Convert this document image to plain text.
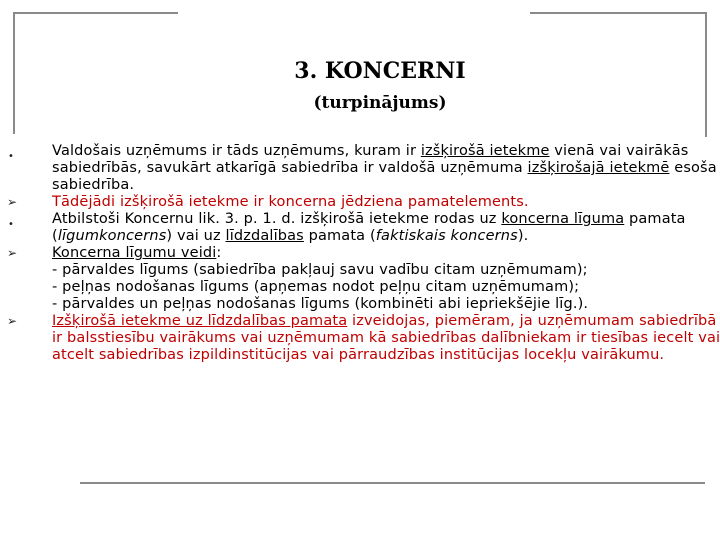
3. KONCERNI
(turpinājums)

•	Valdošais uzņēmums ir tāds uzņēmums, kuram ir izšķirošā ietekme vienā vai vairākās sabiedrībās, savukārt atkarīgā sabiedrība ir valdošā uzņēmuma izšķirošajā ietekmē esoša sabiedrība.

➢ Tādējādi izšķirošā ietekme ir koncerna jēdziena pamatelements.

•	Atbilstoši Koncernu lik. 3. p. 1. d. izšķirošā ietekme rodas uz koncerna līguma pamata (līgumkoncerns) vai uz līdzdalības pamata (faktiskais koncerns).

➢ Koncerna līgumu veidi:

- pārvaldes līgums (sabiedrība pakļauj savu vadību citam uzņēmumam);

- peļņas nodošanas līgums (apņemas nodot peļņu citam uzņēmumam);

- pārvaldes un peļņas nodošanas līgums (kombinēti abi iepriekšējie līg.).

➢ Izšķirošā ietekme uz līdzdalības pamata izveidojas, piemēram, ja uzņēmumam sabiedrībā ir balsstiesību vairākums vai uzņēmumam kā sabiedrības dalībniekam ir tiesības iecelt vai atcelt sabiedrības izpildinstitūcijas vai pārraudzības institūcijas locekļu vairākumu.
